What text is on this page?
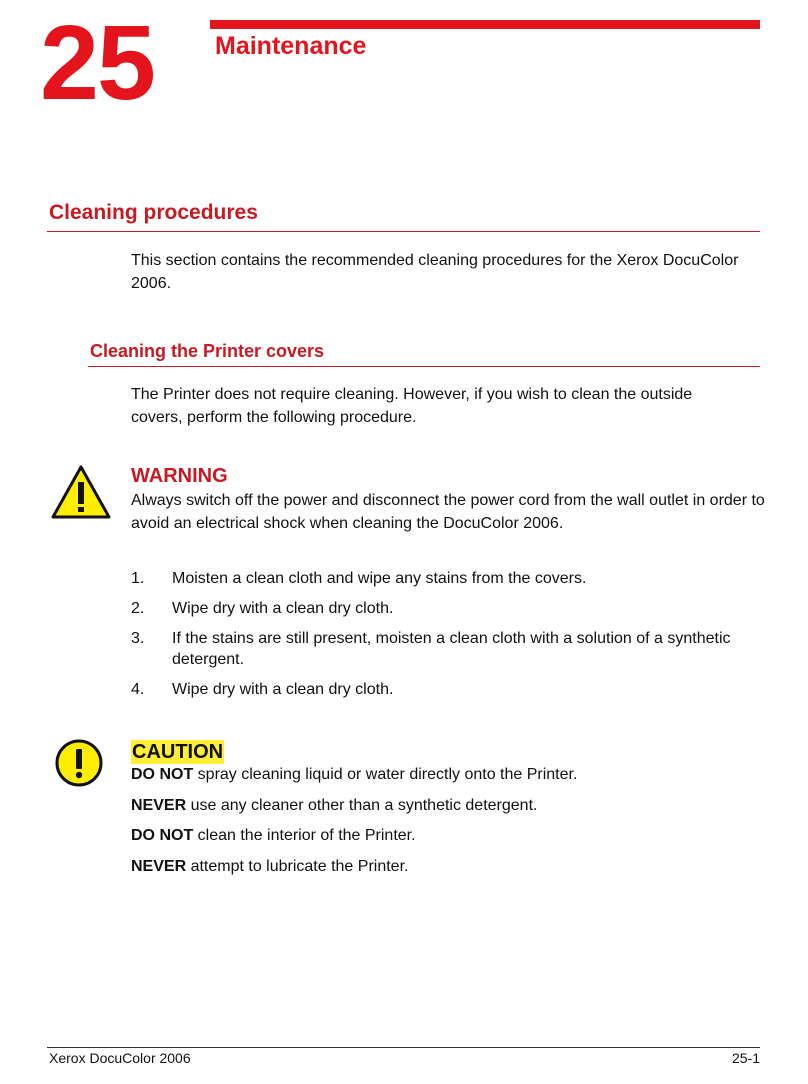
25 Maintenance
Cleaning procedures
This section contains the recommended cleaning procedures for the Xerox DocuColor 2006.
Cleaning the Printer covers
The Printer does not require cleaning. However, if you wish to clean the outside covers, perform the following procedure.
WARNING
Always switch off the power and disconnect the power cord from the wall outlet in order to avoid an electrical shock when cleaning the DocuColor 2006.
1. Moisten a clean cloth and wipe any stains from the covers.
2. Wipe dry with a clean dry cloth.
3. If the stains are still present, moisten a clean cloth with a solution of a synthetic detergent.
4. Wipe dry with a clean dry cloth.
CAUTION
DO NOT spray cleaning liquid or water directly onto the Printer.
NEVER use any cleaner other than a synthetic detergent.
DO NOT clean the interior of the Printer.
NEVER attempt to lubricate the Printer.
Xerox DocuColor 2006	25-1
